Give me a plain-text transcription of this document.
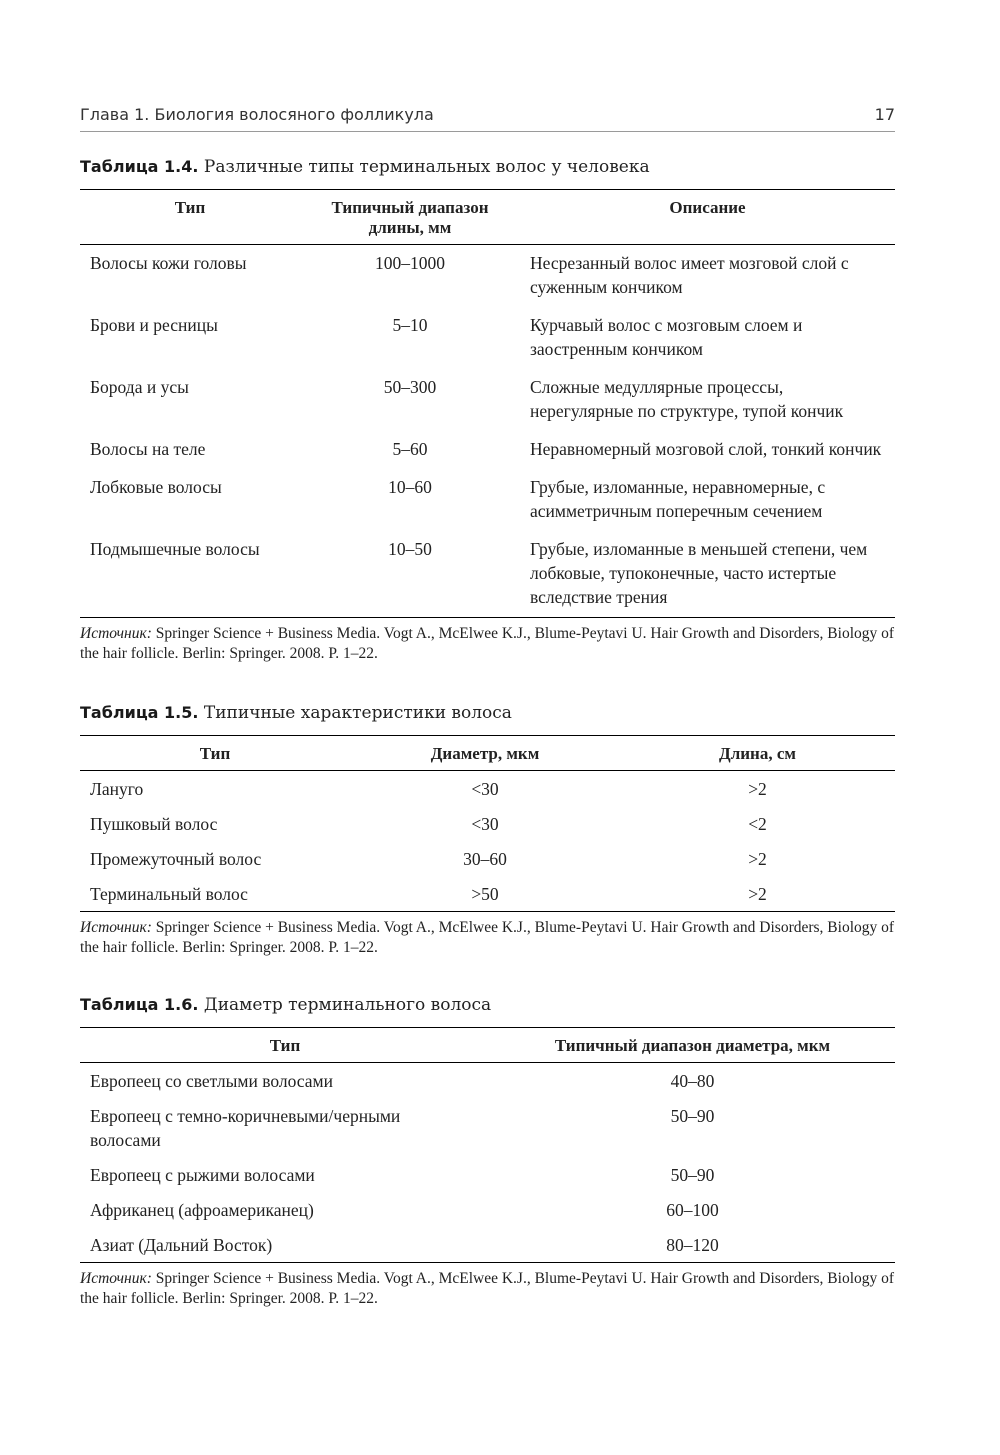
Глава 1. Биология волосяного фолликула	17
Таблица 1.4. Различные типы терминальных волос у человека
Тип	Типичный диапазон длины, мм	Описание
Волосы кожи головы	100–1000	Несрезанный волос имеет мозговой слой с суженным кончиком
Брови и ресницы	5–10	Курчавый волос с мозговым слоем и заостренным кончиком
Борода и усы	50–300	Сложные медуллярные процессы, нерегулярные по структуре, тупой кончик
Волосы на теле	5–60	Неравномерный мозговой слой, тонкий кончик
Лобковые волосы	10–60	Грубые, изломанные, неравномерные, с асимметричным поперечным сечением
Подмышечные волосы	10–50	Грубые, изломанные в меньшей степени, чем лобковые, тупоконечные, часто истертые вследствие трения
Источник: Springer Science + Business Media. Vogt A., McElwee K.J., Blume-Peytavi U. Hair Growth and Disorders, Biology of the hair follicle. Berlin: Springer. 2008. P. 1–22.
Таблица 1.5. Типичные характеристики волоса
Тип	Диаметр, мкм	Длина, см
Лануго	<30	>2
Пушковый волос	<30	<2
Промежуточный волос	30–60	>2
Терминальный волос	>50	>2
Источник: Springer Science + Business Media. Vogt A., McElwee K.J., Blume-Peytavi U. Hair Growth and Disorders, Biology of the hair follicle. Berlin: Springer. 2008. P. 1–22.
Таблица 1.6. Диаметр терминального волоса
Тип	Типичный диапазон диаметра, мкм
Европеец со светлыми волосами	40–80
Европеец с темно-коричневыми/черными волосами	50–90
Европеец с рыжими волосами	50–90
Африканец (афроамериканец)	60–100
Азиат (Дальний Восток)	80–120
Источник: Springer Science + Business Media. Vogt A., McElwee K.J., Blume-Peytavi U. Hair Growth and Disorders, Biology of the hair follicle. Berlin: Springer. 2008. P. 1–22.
